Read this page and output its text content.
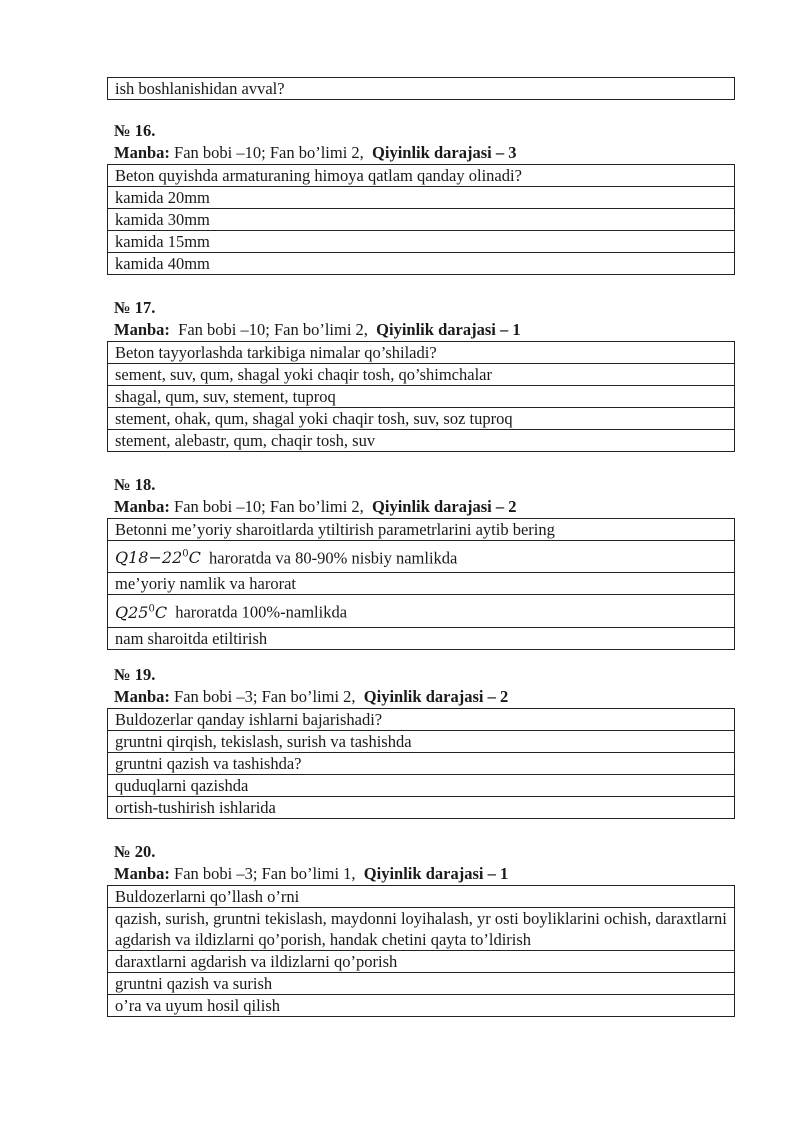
ish boshlanishidan avval?

№ 16.

Manba: Fan bobi –10; Fan bo’limi 2,  Qiyinlik darajasi – 3

Beton quyishda armaturaning himoya qatlam qanday olinadi?
kamida 20mm
kamida 30mm
kamida 15mm
kamida 40mm

№ 17.

Manba:  Fan bobi –10; Fan bo’limi 2,  Qiyinlik darajasi – 1

Beton tayyorlashda tarkibiga nimalar qo’shiladi?
sement, suv, qum, shagal yoki chaqir tosh, qo’shimchalar
shagal, qum, suv, stement, tuproq
stement, ohak, qum, shagal yoki chaqir tosh, suv, soz tuproq
stement, alebastr, qum, chaqir tosh, suv

№ 18.

Manba: Fan bobi –10; Fan bo’limi 2,  Qiyinlik darajasi – 2

Betonni me’yoriy sharoitlarda ytiltirish parametrlarini aytib bering
$Q18-22^0C$ haroratda va 80-90% nisbiy namlikda
me’yoriy namlik va harorat
$Q25^0C$ haroratda 100%-namlikda
nam sharoitda etiltirish

№ 19.

Manba: Fan bobi –3; Fan bo’limi 2,  Qiyinlik darajasi – 2

Buldozerlar qanday ishlarni bajarishadi?
gruntni qirqish, tekislash, surish va tashishda
gruntni qazish va tashishda?
quduqlarni qazishda
ortish-tushirish ishlarida

№ 20.

Manba: Fan bobi –3; Fan bo’limi 1,  Qiyinlik darajasi – 1

Buldozerlarni qo’llash o’rni
qazish, surish, gruntni tekislash, maydonni loyihalash, yr osti boyliklarini ochish, daraxtlarni agdarish va ildizlarni qo’porish, handak chetini qayta to’ldirish
daraxtlarni agdarish va ildizlarni qo’porish
gruntni qazish va surish
o’ra va uyum hosil qilish
